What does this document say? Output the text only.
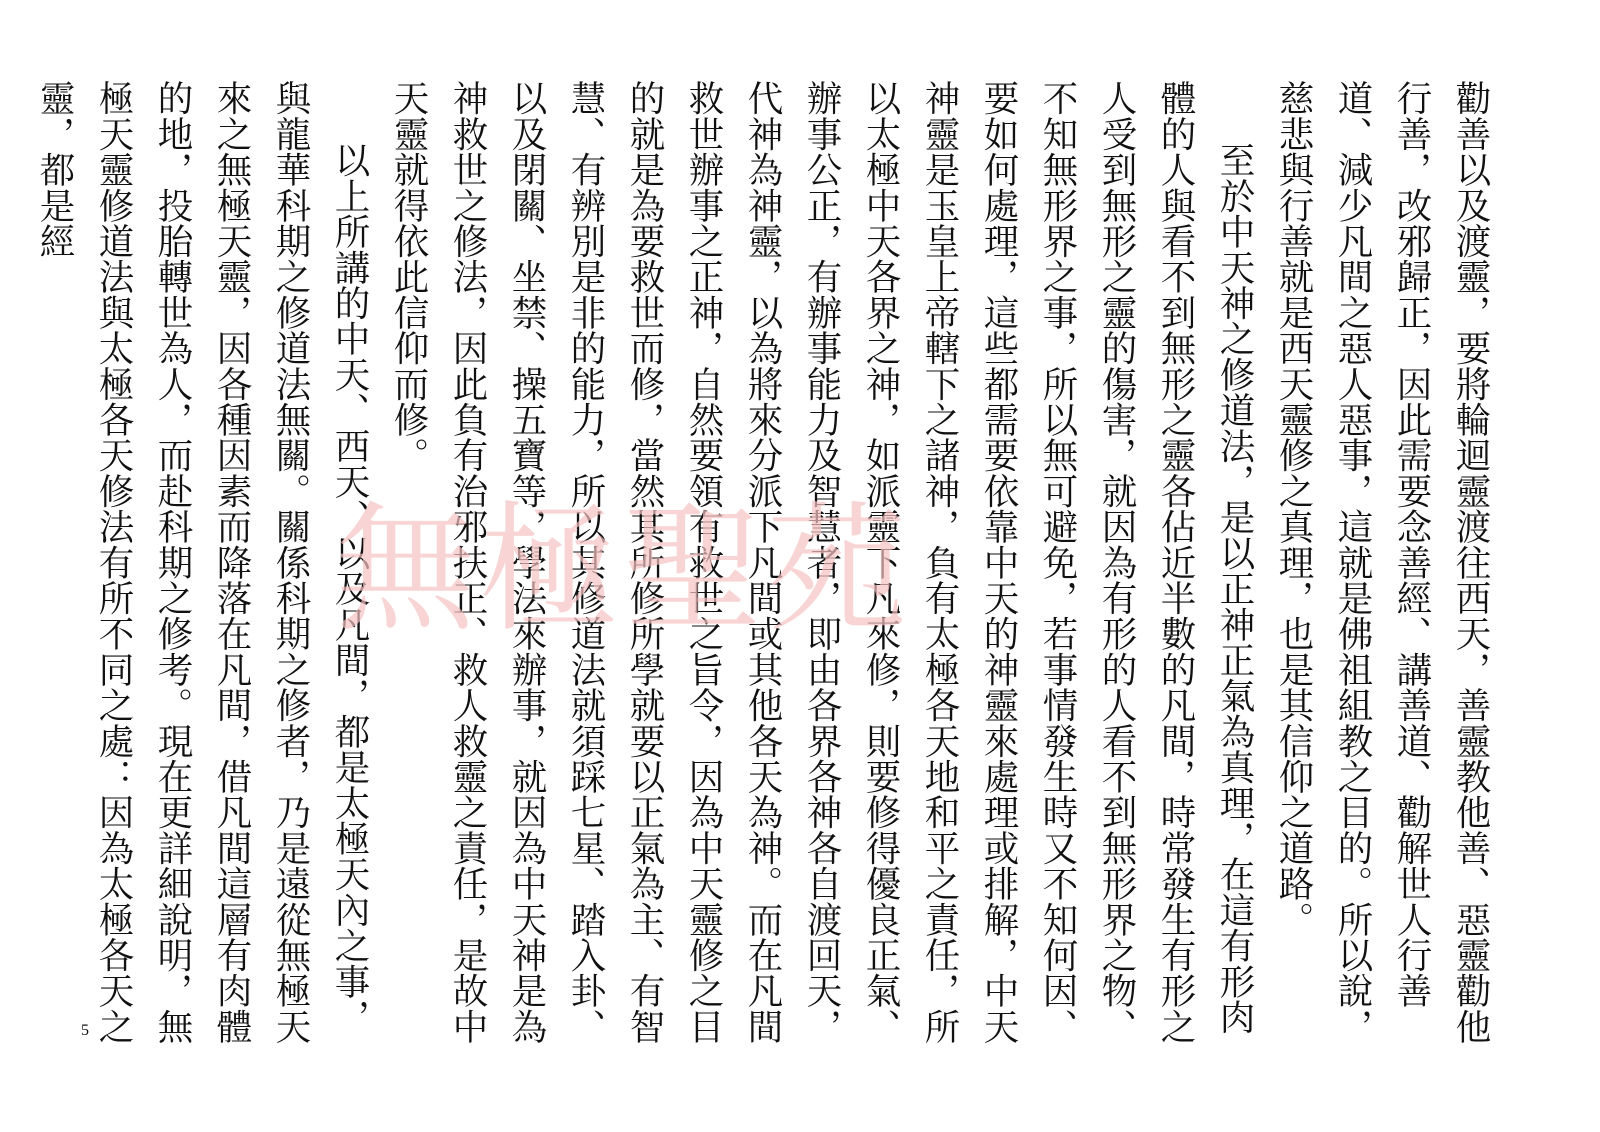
勸善以及渡靈，要將輪迴靈渡往西天，善靈教他善、惡靈勸他行善，改邪歸正，因此需要念善經、講善道、勸解世人行善道、減少凡間之惡人惡事，這就是佛祖組教之目的。所以說，慈悲與行善就是西天靈修之真理，也是其信仰之道路。

至於中天神之修道法，是以正神正氣為真理，在這有形肉體的人與看不到無形之靈各佔近半數的凡間，時常發生有形之人受到無形之靈的傷害，就因為有形的人看不到無形界之物、不知無形界之事，所以無可避免，若事情發生時又不知何因、要如何處理，這些都需要依靠中天的神靈來處理或排解，中天神靈是玉皇上帝轄下之諸神，負有太極各天地和平之責任，所以太極中天各界之神，如派靈下凡來修，則要修得優良正氣、辦事公正，有辦事能力及智慧者，即由各界各神各自渡回天，代神為神靈，以為將來分派下凡間或其他各天為神。而在凡間救世辦事之正神，自然要領有救世之旨令，因為中天靈修之目的就是為要救世而修，當然其所修所學就要以正氣為主、有智慧、有辨別是非的能力，所以其修道法就須踩七星、踏入卦、以及閉關、坐禁、操五寶等，學法來辦事，就因為中天神是為神救世之修法，因此負有治邪扶正、救人救靈之責任，是故中天靈就得依此信仰而修。

以上所講的中天、西天、以及凡間，都是太極天內之事，與龍華科期之修道法無關。關係科期之修者，乃是遠從無極天來之無極天靈，因各種因素而降落在凡間，借凡間這層有肉體的地，投胎轉世為人，而赴科期之修考。現在更詳細說明，無極天靈修道法與太極各天修法有所不同之處：因為太極各天之靈，都是經

無極聖苑
5
